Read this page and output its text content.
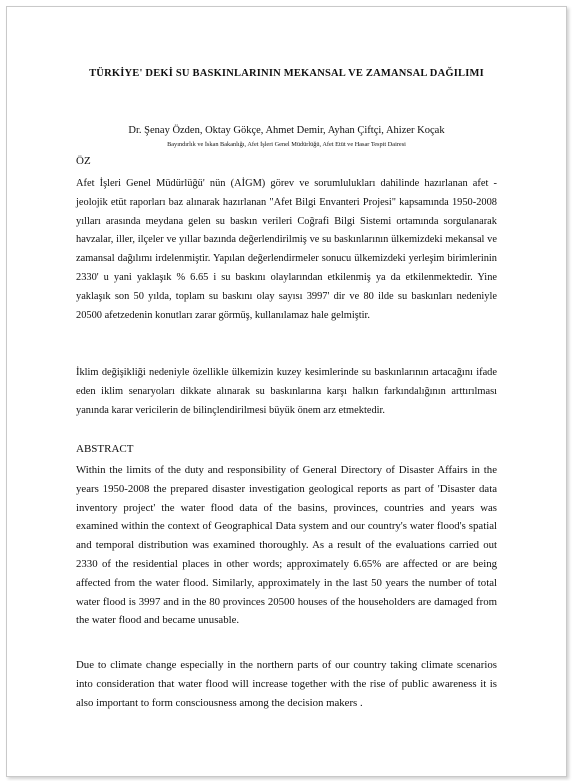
TÜRKİYE' DEKİ SU BASKINLARININ MEKANSAL VE ZAMANSAL DAĞILIMI
Dr. Şenay Özden, Oktay Gökçe, Ahmet Demir, Ayhan Çiftçi, Ahizer Koçak
Bayındırlık ve İskan Bakanlığı, Afet İşleri Genel Müdürlüğü, Afet Etüt ve Hasar Tespit Dairesi
ÖZ

Afet İşleri Genel Müdürlüğü' nün (AİGM) görev ve sorumlulukları dahilinde hazırlanan afet - jeolojik etüt raporları baz alınarak hazırlanan "Afet Bilgi Envanteri Projesi" kapsamında 1950-2008 yılları arasında meydana gelen su baskın verileri Coğrafi Bilgi Sistemi ortamında sorgulanarak havzalar, iller, ilçeler ve yıllar bazında değerlendirilmiş ve su baskınlarının ülkemizdeki mekansal ve zamansal dağılımı irdelenmiştir. Yapılan değerlendirmeler sonucu ülkemizdeki yerleşim birimlerinin 2330' u yani yaklaşık % 6.65 i su baskını olaylarından etkilenmiş ya da etkilenmektedir. Yine yaklaşık son 50 yılda, toplam su baskını olay sayısı 3997' dir ve 80 ilde su baskınları nedeniyle 20500 afetzedenin konutları zarar görmüş, kullanılamaz hale gelmiştir.

İklim değişikliği nedeniyle özellikle ülkemizin kuzey kesimlerinde su baskınlarının artacağını ifade eden iklim senaryoları dikkate alınarak su baskınlarına karşı halkın farkındalığının arttırılması yanında karar vericilerin de bilinçlendirilmesi büyük önem arz etmektedir.

ABSTRACT

Within the limits of the duty and responsibility of General Directory of Disaster Affairs in the years 1950-2008 the prepared disaster investigation geological reports as part of 'Disaster data inventory project' the water flood data of the basins, provinces, countries and years was examined within the context of Geographical Data system and our country's water flood's spatial and temporal distribution was examined thoroughly. As a result of the evaluations carried out 2330 of the residential places in other words; approximately 6.65% are affected or are being affected from the water flood. Similarly, approximately in the last 50 years the number of total water flood is 3997 and in the 80 provinces 20500 houses of the householders are damaged from the water flood and became unusable.

Due to climate change especially in the northern parts of our country taking climate scenarios into consideration that water flood will increase together with the rise of public awareness it is also important to form consciousness among the decision makers .
